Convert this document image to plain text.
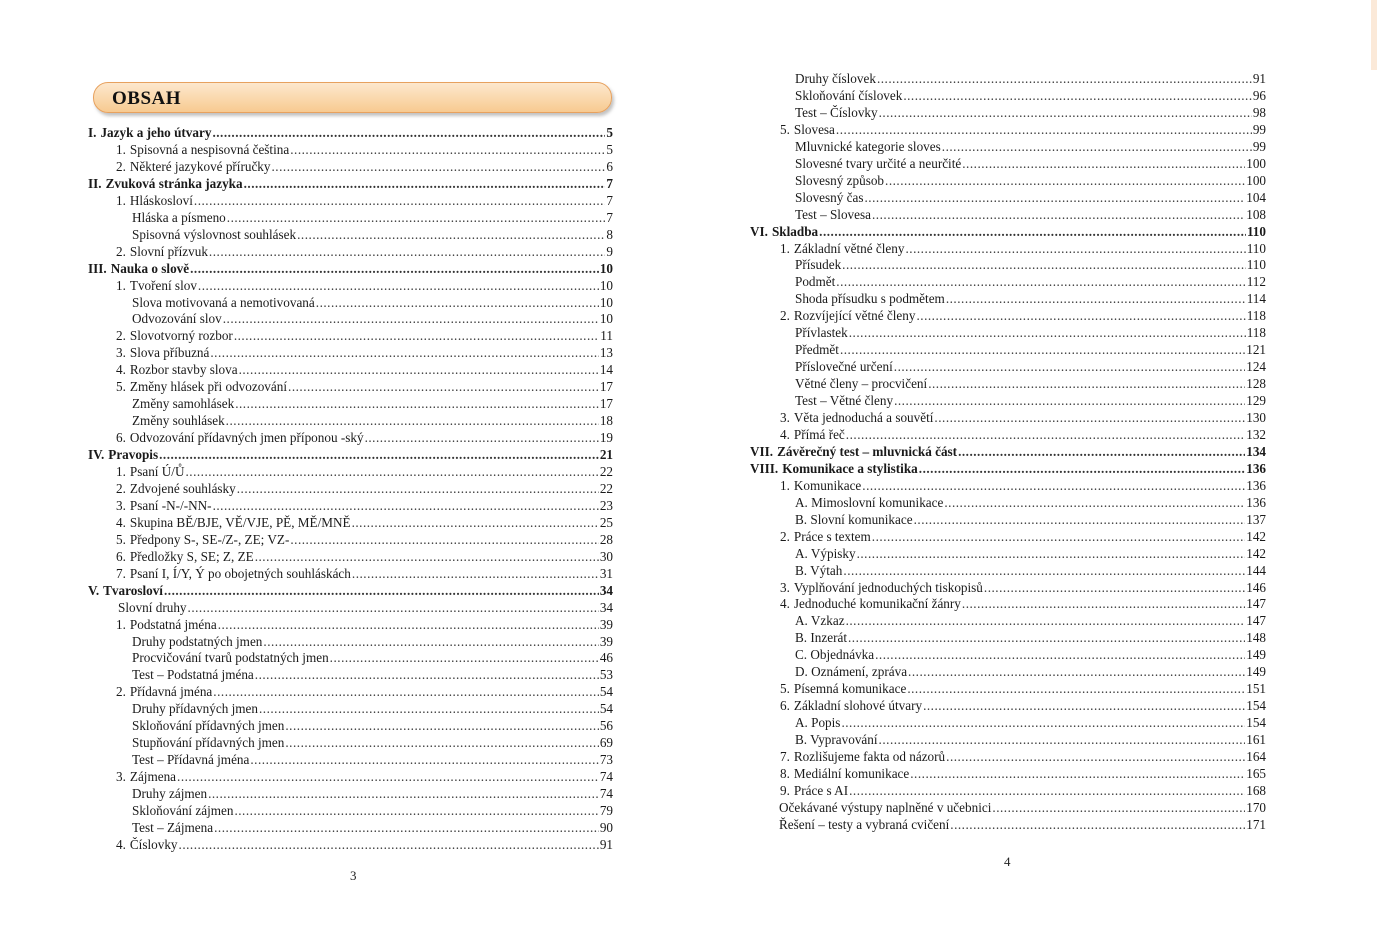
OBSAH
I. Jazyk a jeho útvary .....	5
1. Spisovná a nespisovná čeština .....	5
2. Některé jazykové příručky .....	6
II. Zvuková stránka jazyka .....	7
1. Hláskosloví .....	7
Hláska a písmeno .....	7
Spisovná výslovnost souhlásek .....	8
2. Slovní přízvuk .....	9
III. Nauka o slově .....	10
1. Tvoření slov .....	10
Slova motivovaná a nemotivovaná .....	10
Odvozování slov .....	10
2. Slovotvorný rozbor .....	11
3. Slova příbuzná .....	13
4. Rozbor stavby slova .....	14
5. Změny hlásek při odvozování .....	17
Změny samohlásek .....	17
Změny souhlásek .....	18
6. Odvozování přídavných jmen příponou -ský .....	19
IV. Pravopis .....	21
1. Psaní Ú/Ů .....	22
2. Zdvojené souhlásky .....	22
3. Psaní -N-/-NN- .....	23
4. Skupina BĚ/BJE, VĚ/VJE, PĚ, MĚ/MNĚ .....	25
5. Předpony S-, SE-/Z-, ZE; VZ- .....	28
6. Předložky S, SE; Z, ZE .....	30
7. Psaní I, Í/Y, Ý po obojetných souhláskách .....	31
V. Tvarosloví .....	34
Slovní druhy .....	34
1. Podstatná jména .....	39
Druhy podstatných jmen .....	39
Procvičování tvarů podstatných jmen .....	46
Test – Podstatná jména .....	53
2. Přídavná jména .....	54
Druhy přídavných jmen .....	54
Skloňování přídavných jmen .....	56
Stupňování přídavných jmen .....	69
Test – Přídavná jména .....	73
3. Zájmena .....	74
Druhy zájmen .....	74
Skloňování zájmen .....	79
Test – Zájmena .....	90
4. Číslovky .....	91
3
Druhy číslovek .....	91
Skloňování číslovek .....	96
Test – Číslovky .....	98
5. Slovesa .....	99
Mluvnické kategorie sloves .....	99
Slovesné tvary určité a neurčité .....	100
Slovesný způsob .....	100
Slovesný čas .....	104
Test – Slovesa .....	108
VI. Skladba .....	110
1. Základní větné členy .....	110
Přísudek .....	110
Podmět .....	112
Shoda přísudku s podmětem .....	114
2. Rozvíjející větné členy .....	118
Přívlastek .....	118
Předmět .....	121
Příslovečné určení .....	124
Větné členy – procvičení .....	128
Test – Větné členy .....	129
3. Věta jednoduchá a souvětí .....	130
4. Přímá řeč .....	132
VII. Závěrečný test – mluvnická část .....	134
VIII. Komunikace a stylistika .....	136
1. Komunikace .....	136
A. Mimoslovní komunikace .....	136
B. Slovní komunikace .....	137
2. Práce s textem .....	142
A. Výpisky .....	142
B. Výtah .....	144
3. Vyplňování jednoduchých tiskopisů .....	146
4. Jednoduché komunikační žánry .....	147
A. Vzkaz .....	147
B. Inzerát .....	148
C. Objednávka .....	149
D. Oznámení, zpráva .....	149
5. Písemná komunikace .....	151
6. Základní slohové útvary .....	154
A. Popis .....	154
B. Vypravování .....	161
7. Rozlišujeme fakta od názorů .....	164
8. Mediální komunikace .....	165
9. Práce s AI .....	168
Očekávané výstupy naplněné v učebnici .....	170
Řešení – testy a vybraná cvičení .....	171
4
